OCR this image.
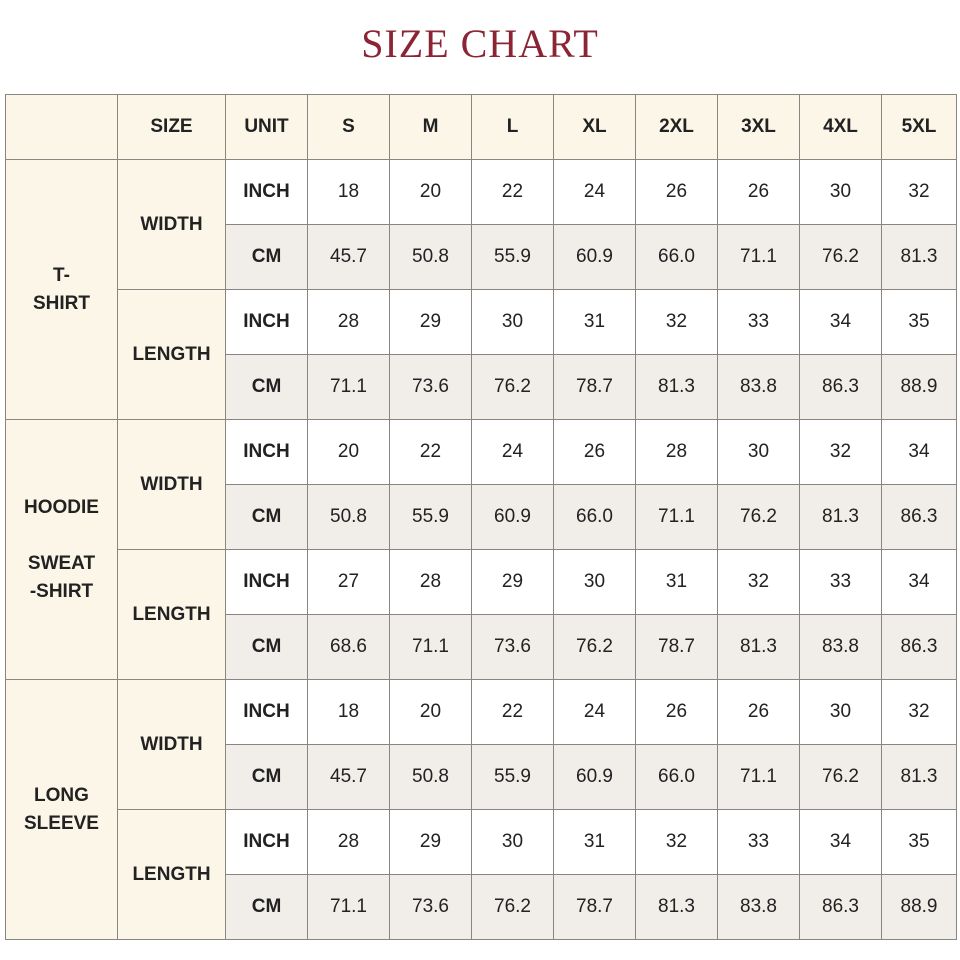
SIZE CHART
	SIZE	UNIT	S	M	L	XL	2XL	3XL	4XL	5XL

T-
SHIRT	WIDTH	INCH	18	20	22	24	26	26	30	32
		CM	45.7	50.8	55.9	60.9	66.0	71.1	76.2	81.3
	LENGTH	INCH	28	29	30	31	32	33	34	35
		CM	71.1	73.6	76.2	78.7	81.3	83.8	86.3	88.9

HOODIE
SWEAT
-SHIRT	WIDTH	INCH	20	22	24	26	28	30	32	34
		CM	50.8	55.9	60.9	66.0	71.1	76.2	81.3	86.3
	LENGTH	INCH	27	28	29	30	31	32	33	34
		CM	68.6	71.1	73.6	76.2	78.7	81.3	83.8	86.3

LONG
SLEEVE	WIDTH	INCH	18	20	22	24	26	26	30	32
		CM	45.7	50.8	55.9	60.9	66.0	71.1	76.2	81.3
	LENGTH	INCH	28	29	30	31	32	33	34	35
		CM	71.1	73.6	76.2	78.7	81.3	83.8	86.3	88.9
